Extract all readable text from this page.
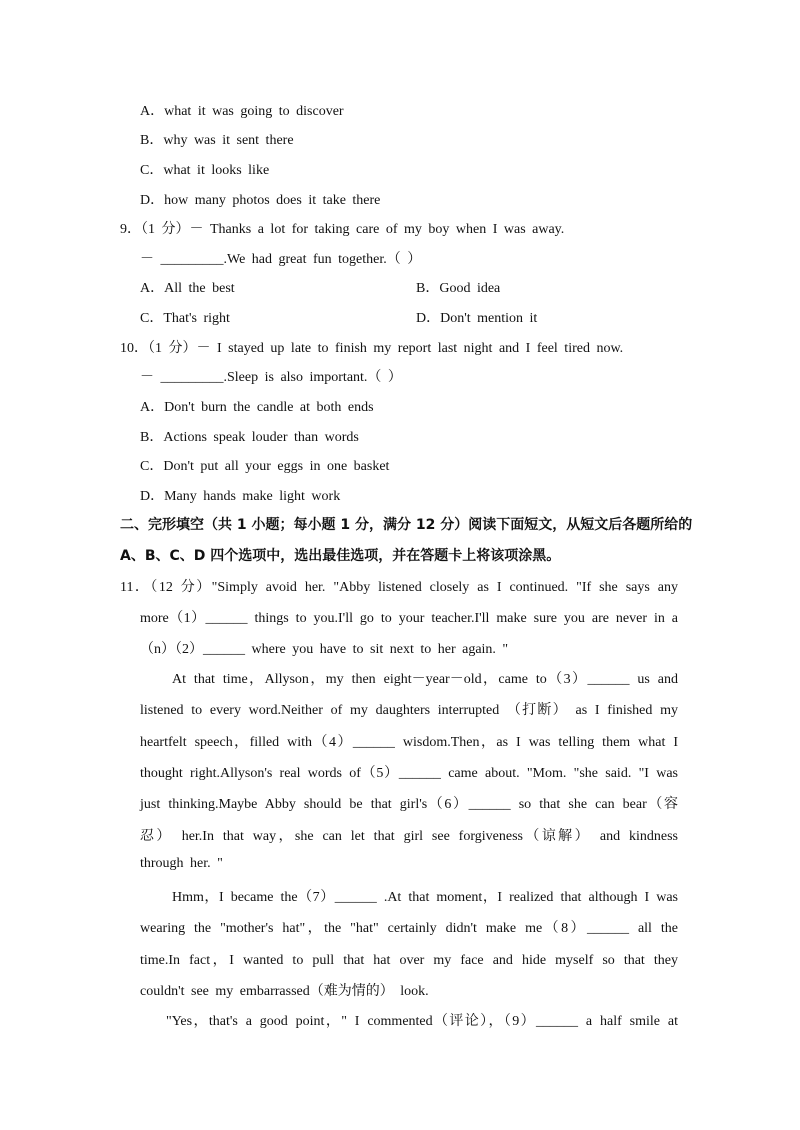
A．what it was going to discover
B．why was it sent there
C．what it looks like
D．how many photos does it take there
9．（1 分）－ Thanks a lot for taking care of my boy when I was away.
－ _________.We had great fun together.（ ）
A．All the best	B．Good idea
C．That's right	D．Don't mention it
10．（1 分）－ I stayed up late to finish my report last night and I feel tired now.
－ _________.Sleep is also important.（ ）
A．Don't burn the candle at both ends
B．Actions speak louder than words
C．Don't put all your eggs in one basket
D．Many hands make light work
二、完形填空（共 1 小题；每小题 1 分，满分 12 分）阅读下面短文，从短文后各题所给的
A、B、C、D 四个选项中，选出最佳选项，并在答题卡上将该项涂黑。
11．（12 分）"Simply avoid her. "Abby listened closely as I continued. "If she says any
more（1）______ things to you.I'll go to your teacher.I'll make sure you are never in a
（n）（2）______ where you have to sit next to her again. "
At that time，Allyson，my then eight－year－old，came to（3）______ us and
listened to every word.Neither of my daughters interrupted （打断） as I finished my
heartfelt speech，filled with（4）______ wisdom.Then，as I was telling them what I
thought right.Allyson's real words of（5）______ came about. "Mom. "she said. "I was
just thinking.Maybe Abby should be that girl's（6）______ so that she can bear（容
忍） her.In that way，she can let that girl see forgiveness（谅解） and kindness
through her. "
Hmm，I became the（7）______ .At that moment，I realized that although I was
wearing the "mother's hat"，the "hat" certainly didn't make me（8）______ all the
time.In fact，I wanted to pull that hat over my face and hide myself so that they
couldn't see my embarrassed（难为情的） look.
"Yes，that's a good point，" I commented（评论），（9）______ a half smile at
